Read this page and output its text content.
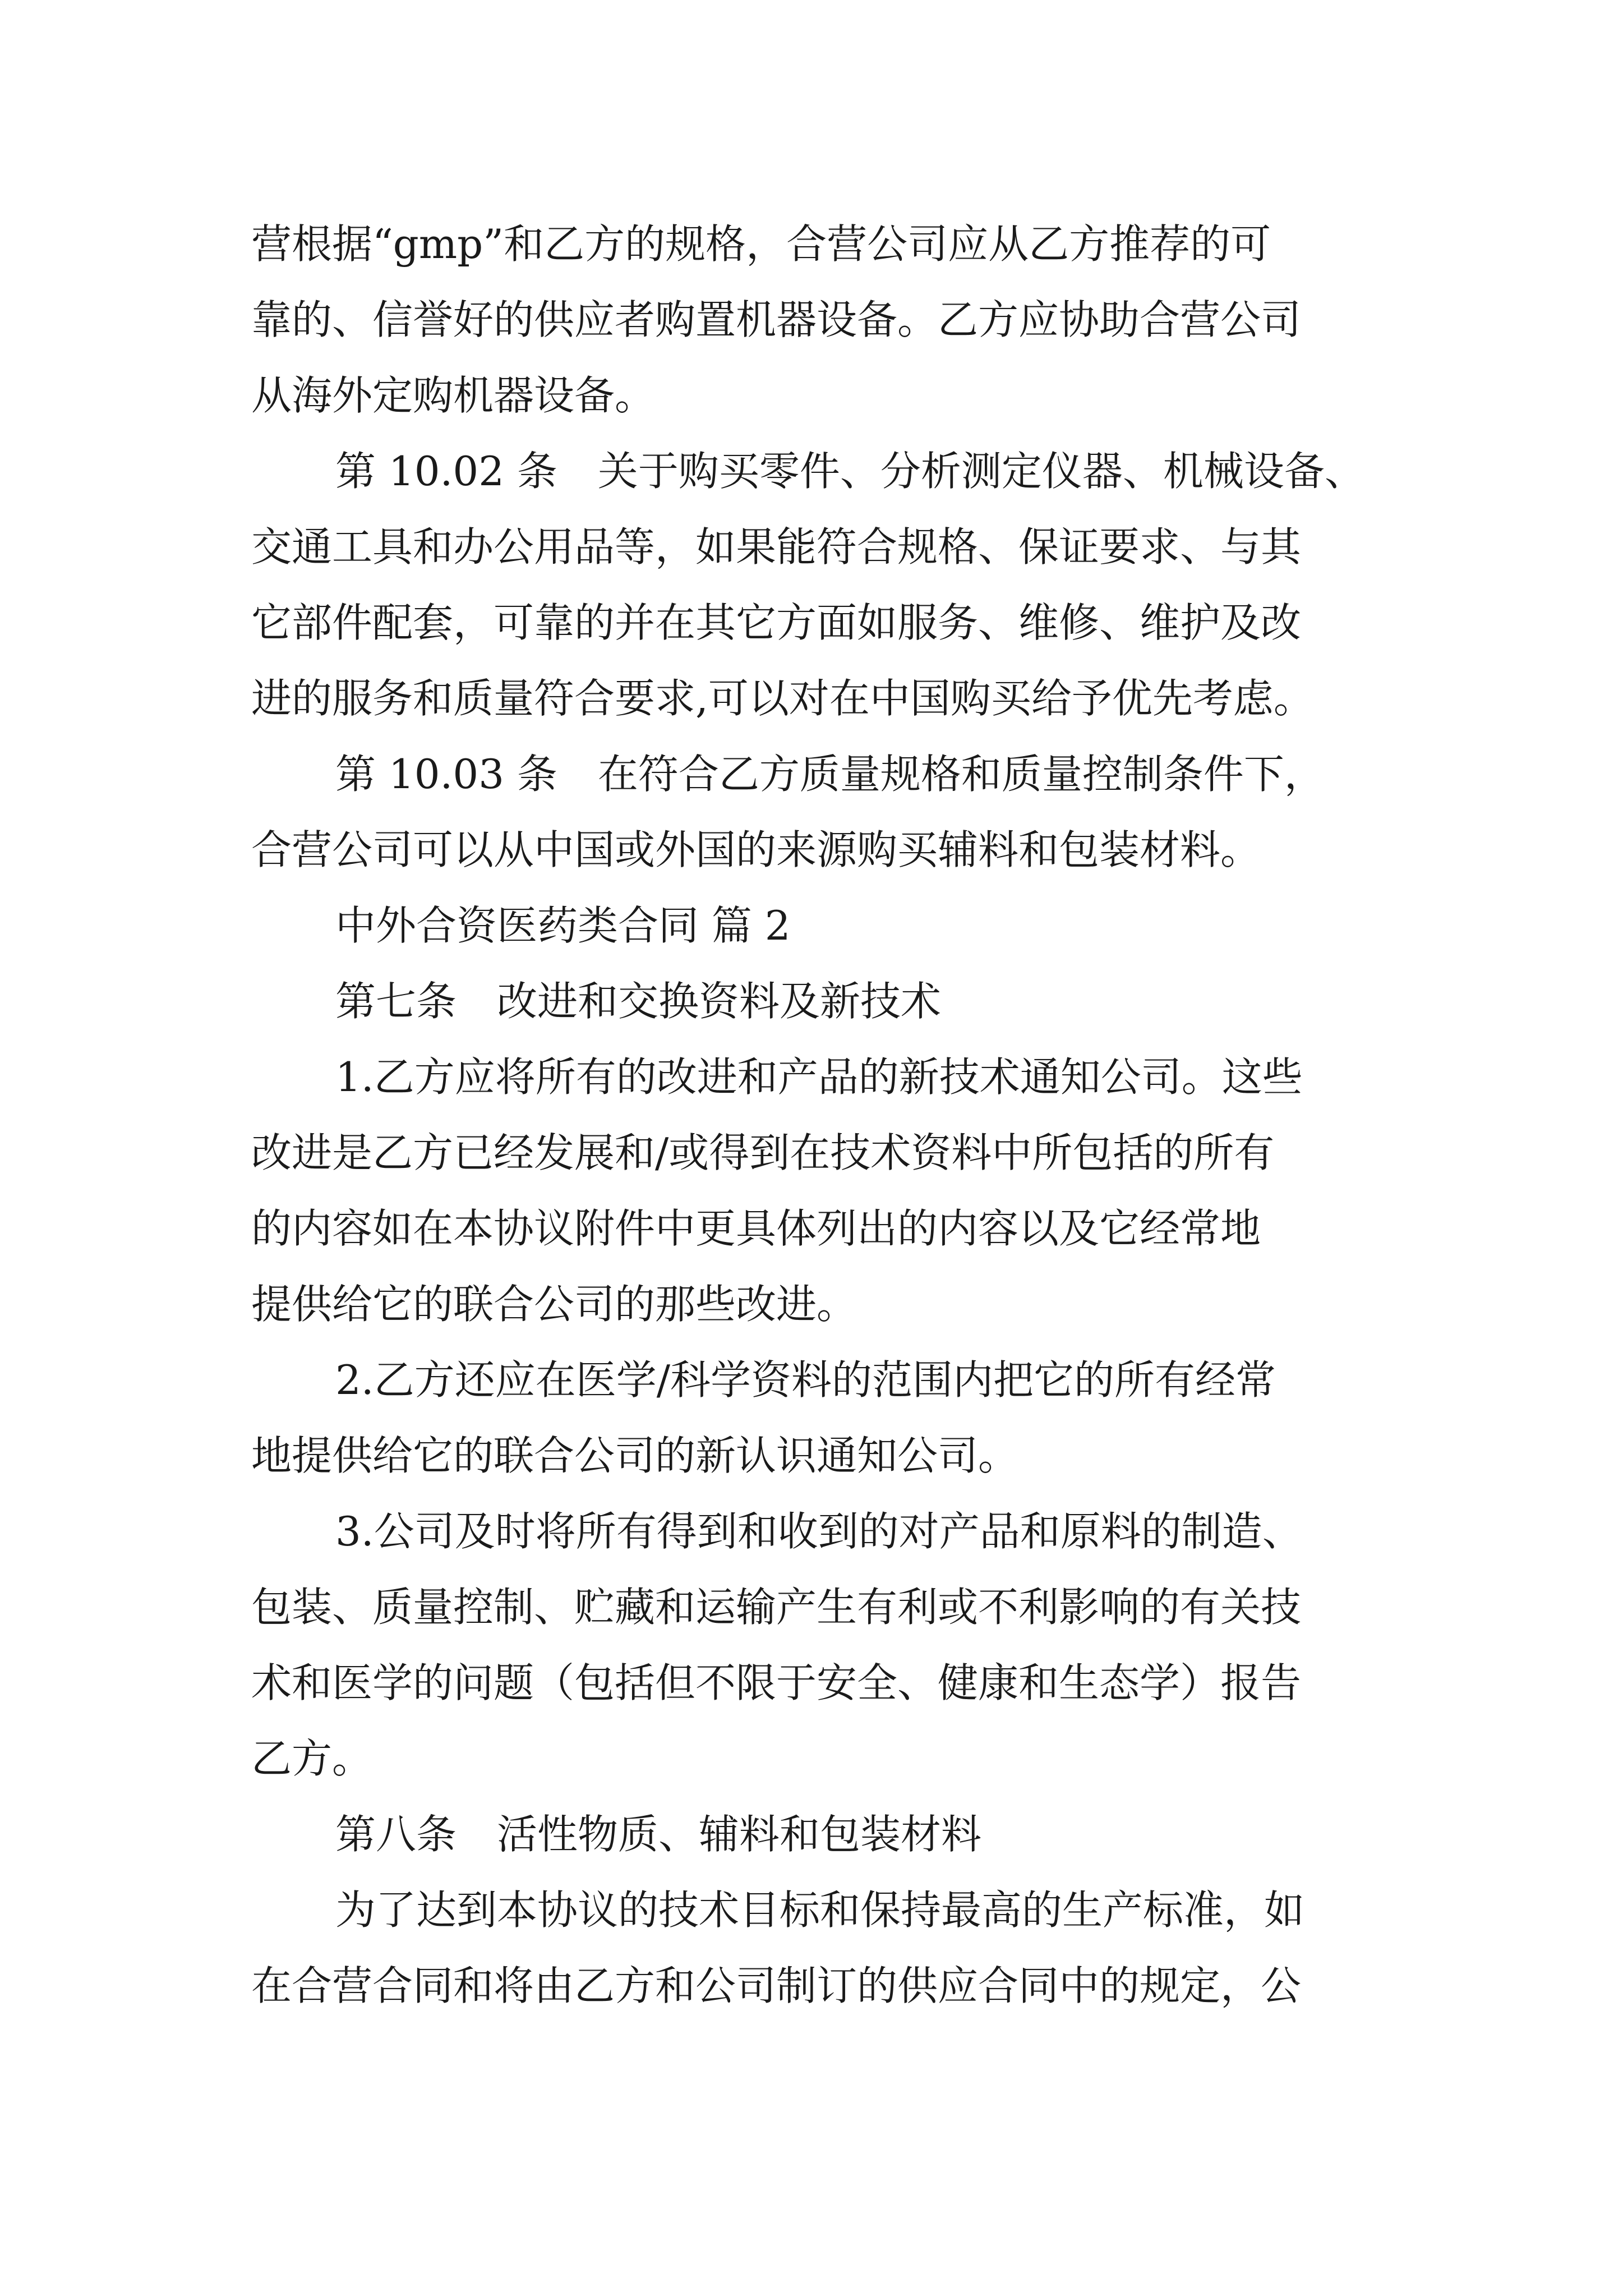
营根据“gmp”和乙方的规格，合营公司应从乙方推荐的可

靠的、信誉好的供应者购置机器设备。乙方应协助合营公司

从海外定购机器设备。

第 10.02 条　关于购买零件、分析测定仪器、机械设备、

交通工具和办公用品等，如果能符合规格、保证要求、与其

它部件配套，可靠的并在其它方面如服务、维修、维护及改

进的服务和质量符合要求,可以对在中国购买给予优先考虑。

第 10.03 条　在符合乙方质量规格和质量控制条件下，

合营公司可以从中国或外国的来源购买辅料和包装材料。

中外合资医药类合同 篇 2

第七条　改进和交换资料及新技术

1.乙方应将所有的改进和产品的新技术通知公司。这些

改进是乙方已经发展和/或得到在技术资料中所包括的所有

的内容如在本协议附件中更具体列出的内容以及它经常地

提供给它的联合公司的那些改进。

2.乙方还应在医学/科学资料的范围内把它的所有经常

地提供给它的联合公司的新认识通知公司。

3.公司及时将所有得到和收到的对产品和原料的制造、

包装、质量控制、贮藏和运输产生有利或不利影响的有关技

术和医学的问题（包括但不限于安全、健康和生态学）报告

乙方。

第八条　活性物质、辅料和包装材料

为了达到本协议的技术目标和保持最高的生产标准，如

在合营合同和将由乙方和公司制订的供应合同中的规定，公
